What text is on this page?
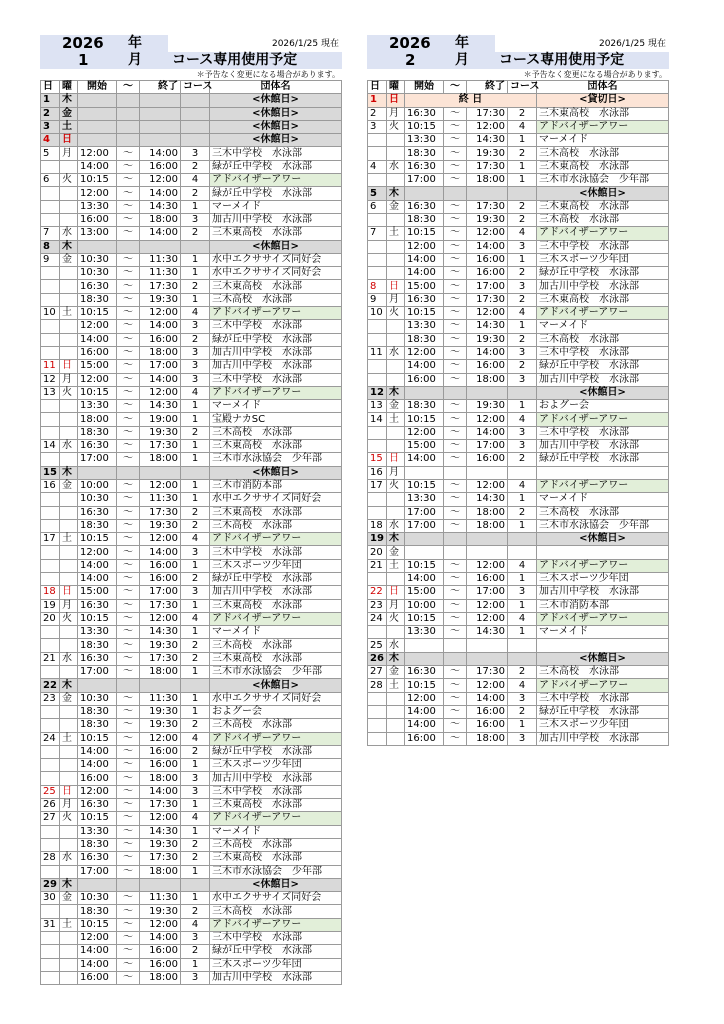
2026 年	2026/1/25 現在
1	月 コース専用使用予定
＊予告なく変更になる場合があります。
日	曜	開始	～	終了	コース	団体名
1	木					<休館日>
2	金					<休館日>
3	土					<休館日>
4	日					<休館日>
5	月	12:00	～	14:00	3	三木中学校　水泳部
		14:00	～	16:00	2	緑が丘中学校　水泳部
6	火	10:15	～	12:00	4	アドバイザーアワー
		12:00	～	14:00	2	緑が丘中学校　水泳部
		13:30	～	14:30	1	マーメイド
		16:00	～	18:00	3	加古川中学校　水泳部
7	水	13:00	～	14:00	2	三木東高校　水泳部
8	木					<休館日>
9	金	10:30	～	11:30	1	水中エクササイズ同好会
		10:30	～	11:30	1	水中エクササイズ同好会
		16:30	～	17:30	2	三木東高校　水泳部
		18:30	～	19:30	1	三木高校　水泳部
10	土	10:15	～	12:00	4	アドバイザーアワー
		12:00	～	14:00	3	三木中学校　水泳部
		14:00	～	16:00	2	緑が丘中学校　水泳部
		16:00	～	18:00	3	加古川中学校　水泳部
11	日	15:00	～	17:00	3	加古川中学校　水泳部
12	月	12:00	～	14:00	3	三木中学校　水泳部
13	火	10:15	～	12:00	4	アドバイザーアワー
		13:30	～	14:30	1	マーメイド
		18:00	～	19:00	1	宝殿ナカSC
		18:30	～	19:30	2	三木高校　水泳部
14	水	16:30	～	17:30	1	三木東高校　水泳部
		17:00	～	18:00	1	三木市水泳協会　少年部
15	木					<休館日>
16	金	10:00	～	12:00	1	三木市消防本部
		10:30	～	11:30	1	水中エクササイズ同好会
		16:30	～	17:30	2	三木東高校　水泳部
		18:30	～	19:30	2	三木高校　水泳部
17	土	10:15	～	12:00	4	アドバイザーアワー
		12:00	～	14:00	3	三木中学校　水泳部
		14:00	～	16:00	1	三木スポーツ少年団
		14:00	～	16:00	2	緑が丘中学校　水泳部
18	日	15:00	～	17:00	3	加古川中学校　水泳部
19	月	16:30	～	17:30	1	三木東高校　水泳部
20	火	10:15	～	12:00	4	アドバイザーアワー
		13:30	～	14:30	1	マーメイド
		18:30	～	19:30	2	三木高校　水泳部
21	水	16:30	～	17:30	2	三木東高校　水泳部
		17:00	～	18:00	1	三木市水泳協会　少年部
22	木					<休館日>
23	金	10:30	～	11:30	1	水中エクササイズ同好会
		18:30	～	19:30	1	およグー会
		18:30	～	19:30	2	三木高校　水泳部
24	土	10:15	～	12:00	4	アドバイザーアワー
		14:00	～	16:00	2	緑が丘中学校　水泳部
		14:00	～	16:00	1	三木スポーツ少年団
		16:00	～	18:00	3	加古川中学校　水泳部
25	日	12:00	～	14:00	3	三木中学校　水泳部
26	月	16:30	～	17:30	1	三木東高校　水泳部
27	火	10:15	～	12:00	4	アドバイザーアワー
		13:30	～	14:30	1	マーメイド
		18:30	～	19:30	2	三木高校　水泳部
28	水	16:30	～	17:30	2	三木東高校　水泳部
		17:00	～	18:00	1	三木市水泳協会　少年部
29	木					<休館日>
30	金	10:30	～	11:30	1	水中エクササイズ同好会
		18:30	～	19:30	2	三木高校　水泳部
31	土	10:15	～	12:00	4	アドバイザーアワー
		12:00	～	14:00	3	三木中学校　水泳部
		14:00	～	16:00	2	緑が丘中学校　水泳部
		14:00	～	16:00	1	三木スポーツ少年団
		16:00	～	18:00	3	加古川中学校　水泳部
2026 年	2026/1/25 現在
2	月 コース専用使用予定
＊予告なく変更になる場合があります。
日	曜	開始	～	終了	コース	団体名
1	日	終 日				<貸切日>
2	月	16:30	～	17:30	2	三木東高校　水泳部
3	火	10:15	～	12:00	4	アドバイザーアワー
		13:30	～	14:30	1	マーメイド
		18:30	～	19:30	2	三木高校　水泳部
4	水	16:30	～	17:30	1	三木東高校　水泳部
		17:00	～	18:00	1	三木市水泳協会　少年部
5	木					<休館日>
6	金	16:30	～	17:30	2	三木東高校　水泳部
		18:30	～	19:30	2	三木高校　水泳部
7	土	10:15	～	12:00	4	アドバイザーアワー
		12:00	～	14:00	3	三木中学校　水泳部
		14:00	～	16:00	1	三木スポーツ少年団
		14:00	～	16:00	2	緑が丘中学校　水泳部
8	日	15:00	～	17:00	3	加古川中学校　水泳部
9	月	16:30	～	17:30	2	三木東高校　水泳部
10	火	10:15	～	12:00	4	アドバイザーアワー
		13:30	～	14:30	1	マーメイド
		18:30	～	19:30	2	三木高校　水泳部
11	水	12:00	～	14:00	3	三木中学校　水泳部
		14:00	～	16:00	2	緑が丘中学校　水泳部
		16:00	～	18:00	3	加古川中学校　水泳部
12	木					<休館日>
13	金	18:30	～	19:30	1	およグー会
14	土	10:15	～	12:00	4	アドバイザーアワー
		12:00	～	14:00	3	三木中学校　水泳部
		15:00	～	17:00	3	加古川中学校　水泳部
15	日	14:00	～	16:00	2	緑が丘中学校　水泳部
16	月					
17	火	10:15	～	12:00	4	アドバイザーアワー
		13:30	～	14:30	1	マーメイド
		17:00	～	18:00	2	三木高校　水泳部
18	水	17:00	～	18:00	1	三木市水泳協会　少年部
19	木					<休館日>
20	金					
21	土	10:15	～	12:00	4	アドバイザーアワー
		14:00	～	16:00	1	三木スポーツ少年団
22	日	15:00	～	17:00	3	加古川中学校　水泳部
23	月	10:00	～	12:00	1	三木市消防本部
24	火	10:15	～	12:00	4	アドバイザーアワー
		13:30	～	14:30	1	マーメイド
25	水					
26	木					<休館日>
27	金	16:30	～	17:30	2	三木高校　水泳部
28	土	10:15	～	12:00	4	アドバイザーアワー
		12:00	～	14:00	3	三木中学校　水泳部
		14:00	～	16:00	2	緑が丘中学校　水泳部
		14:00	～	16:00	1	三木スポーツ少年団
		16:00	～	18:00	3	加古川中学校　水泳部
